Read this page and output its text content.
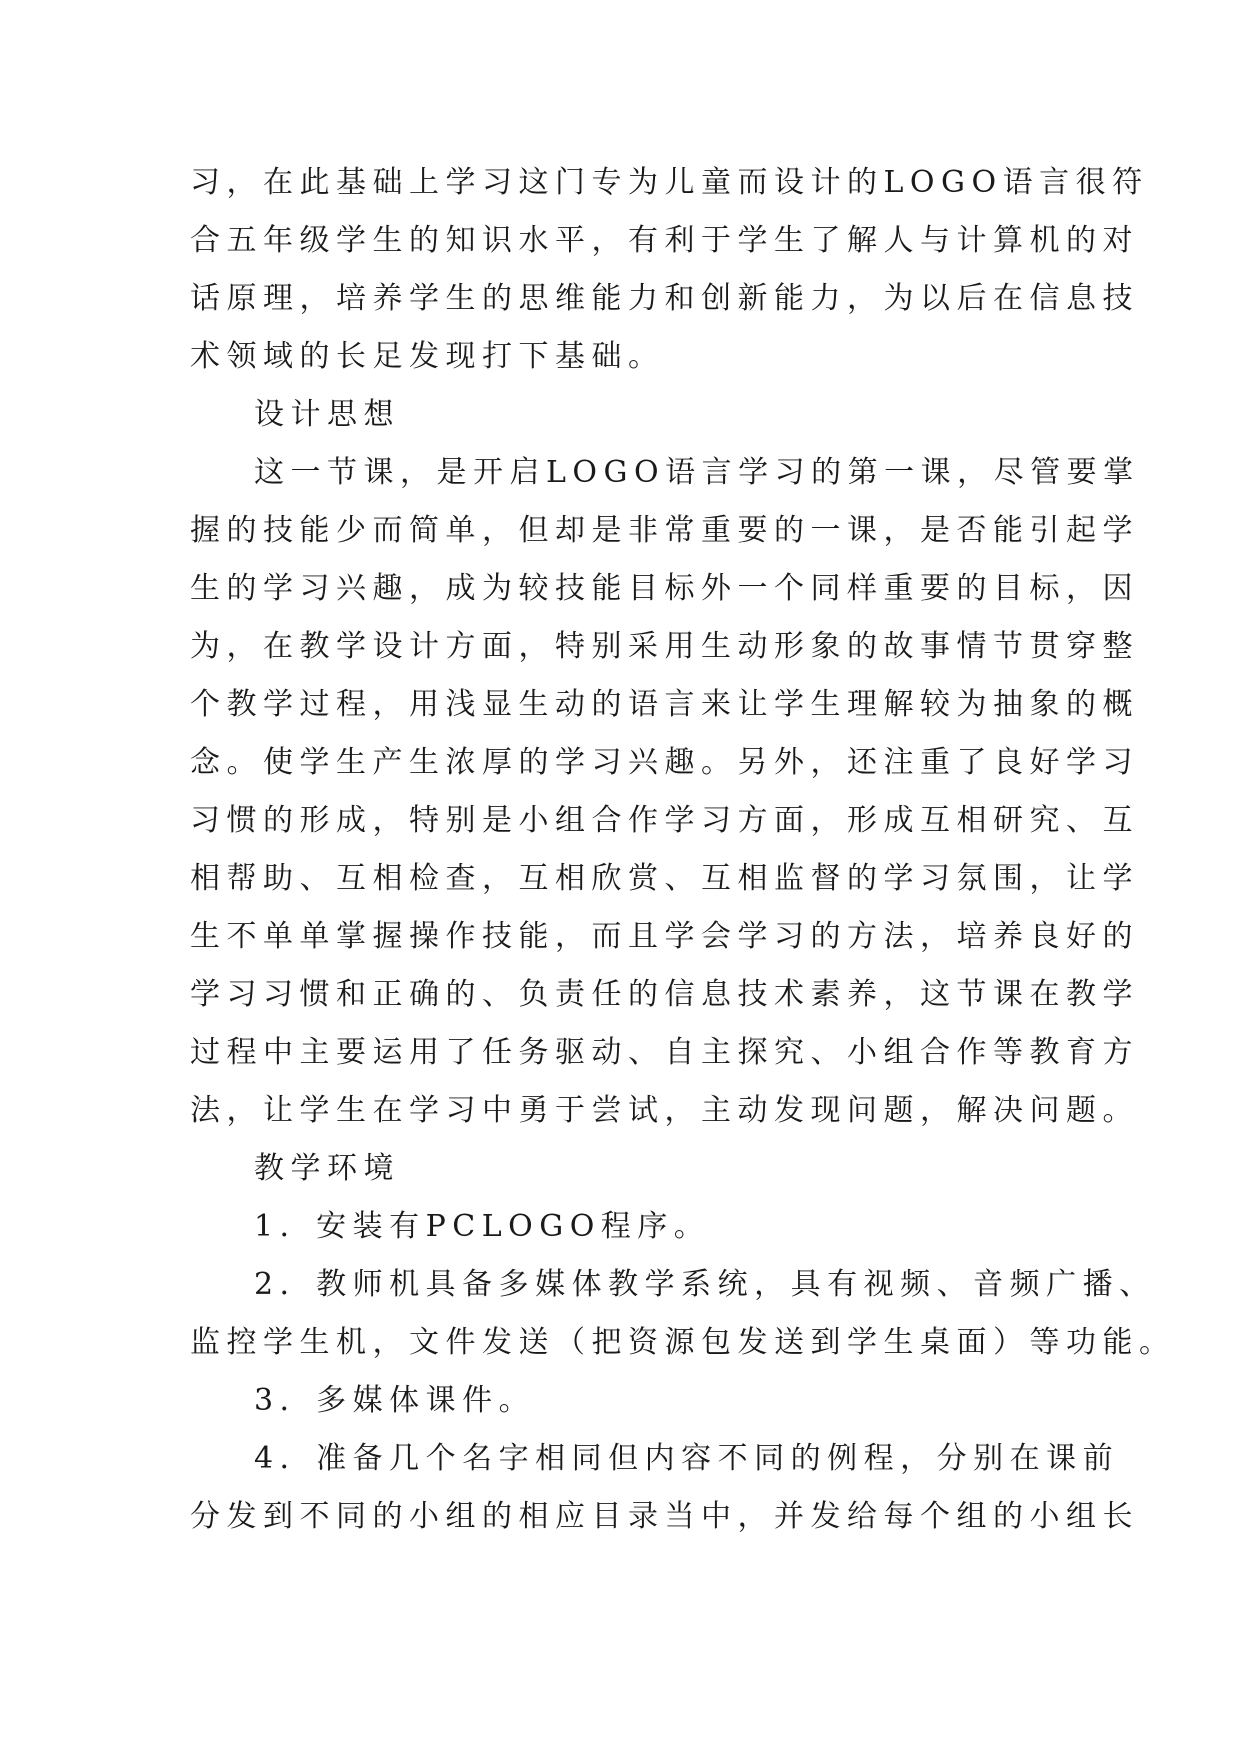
习，在此基础上学习这门专为儿童而设计的LOGO语言很符
合五年级学生的知识水平，有利于学生了解人与计算机的对
话原理，培养学生的思维能力和创新能力，为以后在信息技
术领域的长足发现打下基础。
设计思想
这一节课，是开启LOGO语言学习的第一课，尽管要掌
握的技能少而简单，但却是非常重要的一课，是否能引起学
生的学习兴趣，成为较技能目标外一个同样重要的目标，因
为，在教学设计方面，特别采用生动形象的故事情节贯穿整
个教学过程，用浅显生动的语言来让学生理解较为抽象的概
念。使学生产生浓厚的学习兴趣。另外，还注重了良好学习
习惯的形成，特别是小组合作学习方面，形成互相研究、互
相帮助、互相检查，互相欣赏、互相监督的学习氛围，让学
生不单单掌握操作技能，而且学会学习的方法，培养良好的
学习习惯和正确的、负责任的信息技术素养，这节课在教学
过程中主要运用了任务驱动、自主探究、小组合作等教育方
法，让学生在学习中勇于尝试，主动发现问题，解决问题。
教学环境
1．安装有PCLOGO程序。
2．教师机具备多媒体教学系统，具有视频、音频广播、
监控学生机，文件发送（把资源包发送到学生桌面）等功能。
3．多媒体课件。
4．准备几个名字相同但内容不同的例程，分别在课前
分发到不同的小组的相应目录当中，并发给每个组的小组长
